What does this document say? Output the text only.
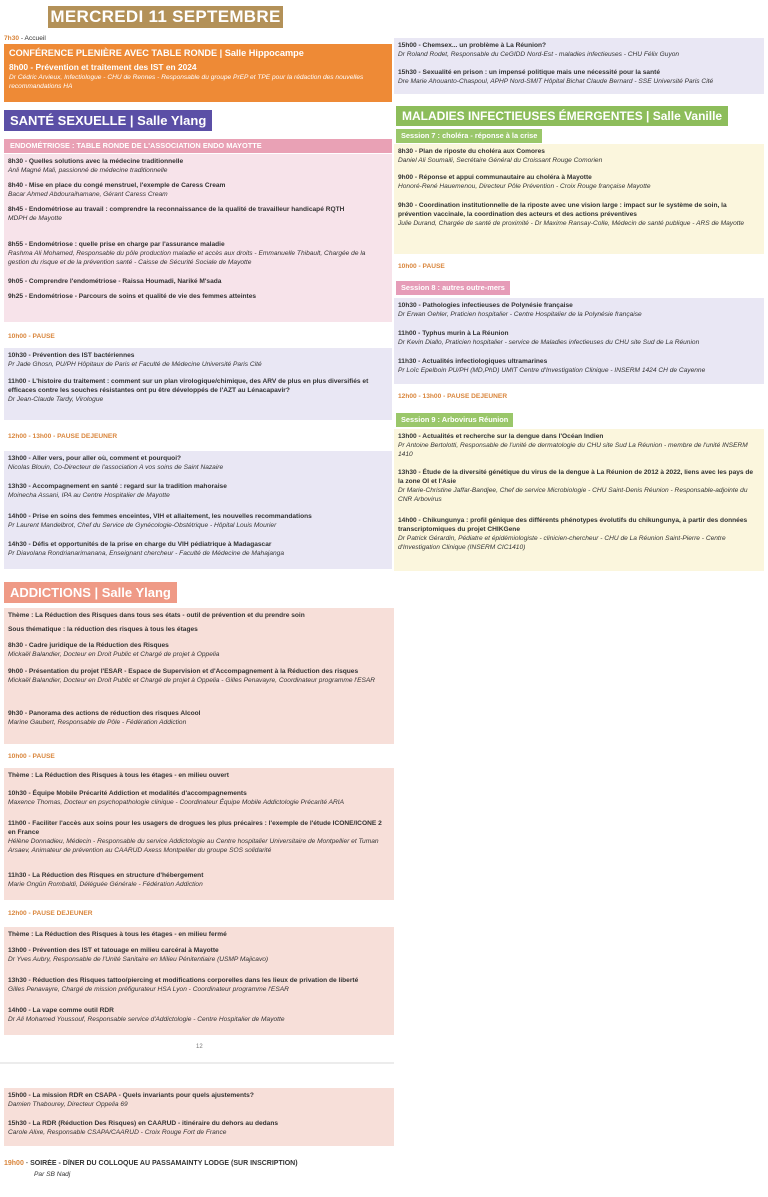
MERCREDI 11 SEPTEMBRE
7h30 - Accueil
CONFÉRENCE PLENIÈRE AVEC TABLE RONDE | Salle Hippocampe
8h00 - Prévention et traitement des IST en 2024
Dr Cédric Arvieux, Infectiologue - CHU de Rennes - Responsable du groupe PrEP et TPE pour la rédaction des nouvelles recommandations HA
SANTÉ SEXUELLE | Salle Ylang
ENDOMÉTRIOSE : TABLE RONDE DE L'ASSOCIATION ENDO MAYOTTE
8h30 - Quelles solutions avec la médecine traditionnelle
Anli Magné Mali, passionné de médecine traditionnelle
8h40 - Mise en place du congé menstruel, l'exemple de Caress Cream
Bacar Ahmed Abdouraihamane, Gérant Caress Cream
8h45 - Endométriose au travail : comprendre la reconnaissance de la qualité de travailleur handicapé RQTH
MDPH de Mayotte
8h55 - Endométriose : quelle prise en charge par l'assurance maladie
Rashma Ali Mohamed, Responsable du pôle production maladie et accès aux droits - Emmanuelle Thibault, Chargée de la gestion du risque et de la prévention santé - Caisse de Sécurité Sociale de Mayotte
9h05 - Comprendre l'endométriose - Raissa Houmadi, Nariké M'sada
9h25 - Endométriose - Parcours de soins et qualité de vie des femmes atteintes
10h00 - PAUSE
10h30 - Prévention des IST bactériennes
Pr Jade Ghosn, PU/PH Hôpitaux de Paris et Faculté de Médecine Université Paris Cité
11h00 - L'histoire du traitement : comment sur un plan virologique/chimique, des ARV de plus en plus diversifiés et efficaces contre les souches résistantes ont pu être développés de l'AZT au Lénacapavir?
Dr Jean-Claude Tardy, Virologue
12h00 - 13h00 - PAUSE DEJEUNER
13h00 - Aller vers, pour aller où, comment et pourquoi?
Nicolas Blouin, Co-Directeur de l'association A vos soins de Saint Nazaire
13h30 - Accompagnement en santé : regard sur la tradition mahoraise
Moinecha Assani, IPA au Centre Hospitalier de Mayotte
14h00 - Prise en soins des femmes enceintes, VIH et allaitement, les nouvelles recommandations
Pr Laurent Mandelbrot, Chef du Service de Gynécologie-Obstétrique - Hôpital Louis Mourier
14h30 - Défis et opportunités de la prise en charge du VIH pédiatrique à Madagascar
Pr Diavolana Rondrianarimanana, Enseignant chercheur - Faculté de Médecine de Mahajanga
15h00 - Chemsex... un problème à La Réunion?
Dr Roland Rodet, Responsable du CeGIDD Nord-Est - maladies infectieuses - CHU Félix Guyon
15h30 - Sexualité en prison : un impensé politique mais une nécessité pour la santé
Dre Marie Ahouanto-Chaspoul, APHP Nord-SMIT Hôpital Bichat Claude Bernard - SSE Université Paris Cité
MALADIES INFECTIEUSES ÉMERGENTES | Salle Vanille
Session 7 : choléra - réponse à la crise
8h30 - Plan de riposte du choléra aux Comores
Daniel Ali Soumaili, Secrétaire Général du Croissant Rouge Comorien
9h00 - Réponse et appui communautaire au choléra à Mayotte
Honoré-René Hauemenou, Directeur Pôle Prévention - Croix Rouge française Mayotte
9h30 - Coordination institutionnelle de la riposte avec une vision large : impact sur le système de soin, la prévention vaccinale, la coordination des acteurs et des actions préventives
Julie Durand, Chargée de santé de proximité - Dr Maxime Ransay-Colle, Médecin de santé publique - ARS de Mayotte
10h00 - PAUSE
Session 8 : autres outre-mers
10h30 - Pathologies infectieuses de Polynésie française
Dr Erwan Oehler, Praticien hospitalier - Centre Hospitalier de la Polynésie française
11h00 - Typhus murin à La Réunion
Dr Kevin Diallo, Praticien hospitalier - service de Maladies infectieuses du CHU site Sud de La Réunion
11h30 - Actualités infectiologiques ultramarines
Pr Loïc Epelboin PU/PH (MD,PhD) UMIT Centre d'Investigation Clinique - INSERM 1424 CH de Cayenne
12h00 - 13h00 - PAUSE DEJEUNER
Session 9 : Arbovirus Réunion
13h00 - Actualités et recherche sur la dengue dans l'Océan Indien
Pr Antoine Bertolotti, Responsable de l'unité de dermatologie du CHU site Sud La Réunion - membre de l'unité INSERM 1410
13h30 - Étude de la diversité génétique du virus de la dengue à La Réunion de 2012 à 2022, liens avec les pays de la zone OI et l'Asie
Dr Marie-Christine Jaffar-Bandjee, Chef de service Microbiologie - CHU Saint-Denis Réunion - Responsable-adjointe du CNR Arbovirus
14h00 - Chikungunya : profil génique des différents phénotypes évolutifs du chikungunya, à partir des données transcriptomiques du projet CHIKGene
Dr Patrick Gérardin, Pédiatre et épidémiologiste - clinicien-chercheur - CHU de La Réunion Saint-Pierre - Centre d'Investigation Clinique (INSERM CIC1410)
ADDICTIONS | Salle Ylang
Thème : La Réduction des Risques dans tous ses états - outil de prévention et du prendre soin
Sous thématique : la réduction des risques à tous les étages
8h30 - Cadre juridique de la Réduction des Risques
Mickaël Balandier, Docteur en Droit Public et Chargé de projet à Oppelia
9h00 - Présentation du projet l'ESAR - Espace de Supervision et d'Accompagnement à la Réduction des risques
Mickaël Balandier, Docteur en Droit Public et Chargé de projet à Oppelia - Gilles Penavayre, Coordinateur programme l'ESAR
9h30 - Panorama des actions de réduction des risques Alcool
Marine Gaubert, Responsable de Pôle - Fédération Addiction
10h00 - PAUSE
Thème : La Réduction des Risques à tous les étages - en milieu ouvert
10h30 - Équipe Mobile Précarité Addiction et modalités d'accompagnements
Maxence Thomas, Docteur en psychopathologie clinique - Coordinateur Équipe Mobile Addictologie Précarité ARIA
11h00 - Faciliter l'accès aux soins pour les usagers de drogues les plus précaires : l'exemple de l'étude ICONE/ICONE 2 en France
Hélène Donnadieu, Médecin - Responsable du service Addictologie au Centre hospitalier Universitaire de Montpellier et Tuman Arsaev, Animateur de prévention au CAARUD Axess Montpellier du groupe SOS solidarité
11h30 - La Réduction des Risques en structure d'hébergement
Marie Ongün Rombaldi, Déléguée Générale - Fédération Addiction
12h00 - PAUSE DEJEUNER
Thème : La Réduction des Risques à tous les étages - en milieu fermé
13h00 - Prévention des IST et tatouage en milieu carcéral à Mayotte
Dr Yves Aubry, Responsable de l'Unité Sanitaire en Milieu Pénitentiaire (USMP Majicavo)
13h30 - Réduction des Risques tattoo/piercing et modifications corporelles dans les lieux de privation de liberté
Gilles Penavayre, Chargé de mission préfigurateur HSA Lyon - Coordinateur programme l'ESAR
14h00 - La vape comme outil RDR
Dr Ali Mohamed Youssouf, Responsable service d'Addictologie - Centre Hospitalier de Mayotte
12
15h00 - La mission RDR en CSAPA - Quels invariants pour quels ajustements?
Damien Thabourey, Directeur Oppelia 69
15h30 - La RDR (Réduction Des Risques) en CAARUD - itinéraire du dehors au dedans
Carole Alixe, Responsable CSAPA/CAARUD - Croix Rouge Fort de France
19h00 - SOIRÉE - DÎNER DU COLLOQUE AU PASSAMAINTY LODGE (SUR INSCRIPTION)
Par SB Nadj
